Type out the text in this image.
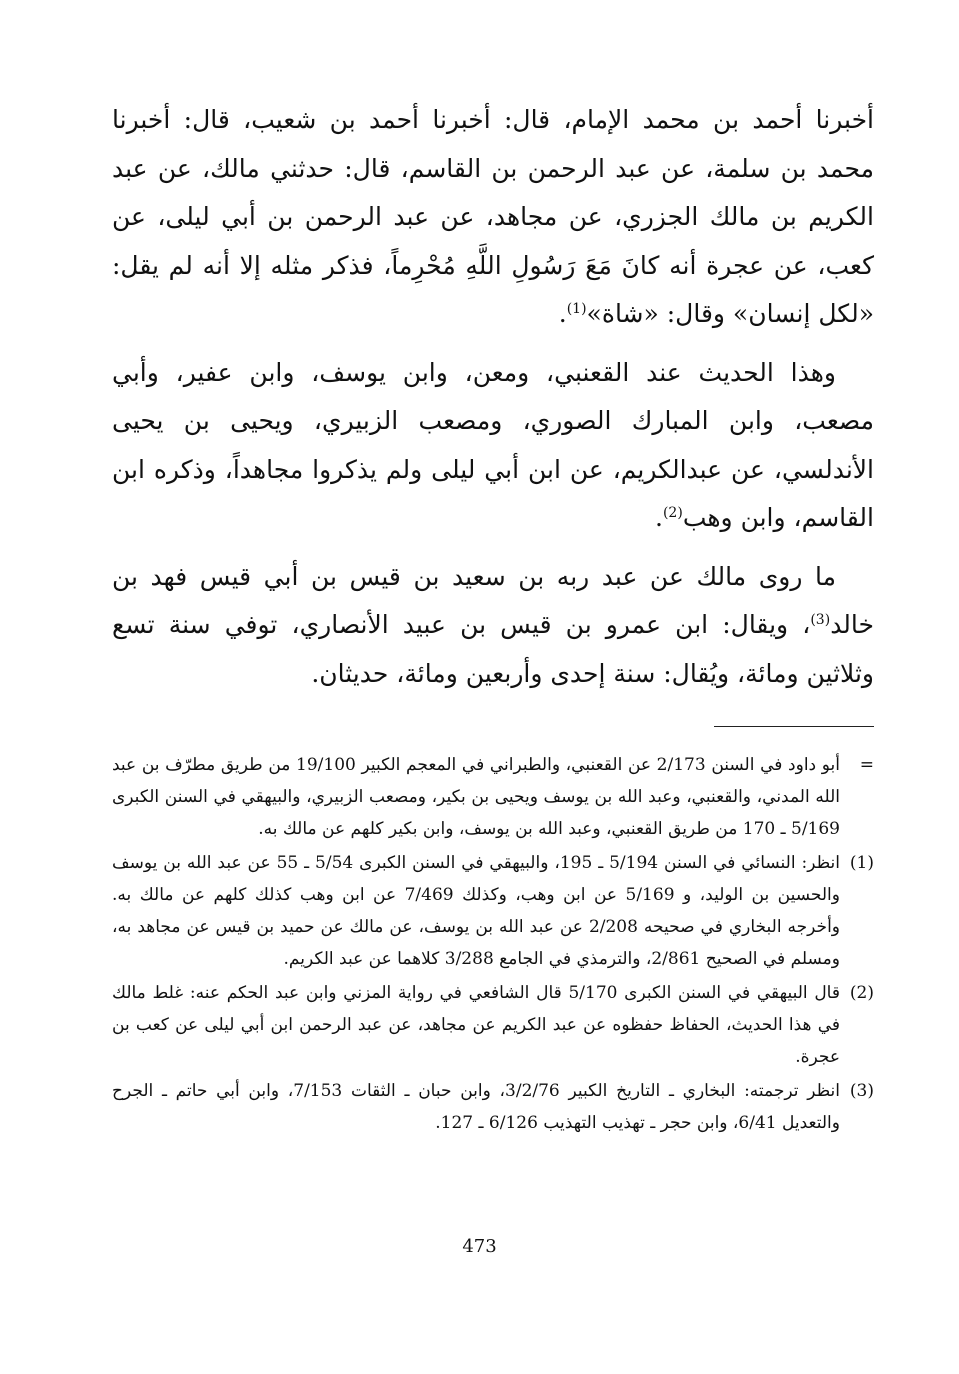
أخبرنا أحمد بن محمد الإمام، قال: أخبرنا أحمد بن شعيب، قال: أخبرنا محمد بن سلمة، عن عبد الرحمن بن القاسم، قال: حدثني مالك، عن عبد الكريم بن مالك الجزري، عن مجاهد، عن عبد الرحمن بن أبي ليلى، عن كعب، عن عجرة أنه كانَ مَعَ رَسُولِ اللَّهِ مُحْرِماً، فذكر مثله إلا أنه لم يقل: «لكل إنسان» وقال: «شاة»$^{(1)}$.

وهذا الحديث عند القعنبي، ومعن، وابن يوسف، وابن عفير، وأبي مصعب، وابن المبارك الصوري، ومصعب الزبيري، ويحيى بن يحيى الأندلسي، عن عبدالكريم، عن ابن أبي ليلى ولم يذكروا مجاهداً، وذكره ابن القاسم، وابن وهب$^{(2)}$.

ما روى مالك عن عبد ربه بن سعيد بن قيس بن أبي قيس فهد بن خالد$^{(3)}$، ويقال: ابن عمرو بن قيس بن عبيد الأنصاري، توفي سنة تسع وثلاثين ومائة، ويُقال: سنة إحدى وأربعين ومائة، حديثان.

=
أبو داود في السنن 2/173 عن القعنبي، والطبراني في المعجم الكبير 19/100 من طريق مطرّف بن عبد الله المدني، والقعنبي، وعبد الله بن يوسف ويحيى بن بكير، ومصعب الزبيري، والبيهقي في السنن الكبرى 5/169 ـ 170 من طريق القعنبي، وعبد الله بن يوسف، وابن بكير كلهم عن مالك به.
(1)
انظر: النسائي في السنن 5/194 ـ 195، والبيهقي في السنن الكبرى 5/54 ـ 55 عن عبد الله بن يوسف والحسين بن الوليد، و 5/169 عن ابن وهب، وكذلك 7/469 عن ابن وهب كذلك كلهم عن مالك به. وأخرجه البخاري في صحيحه 2/208 عن عبد الله بن يوسف، عن مالك عن حميد بن قيس عن مجاهد به، ومسلم في الصحيح 2/861، والترمذي في الجامع 3/288 كلاهما عن عبد الكريم.
(2)
قال البيهقي في السنن الكبرى 5/170 قال الشافعي في رواية المزني وابن عبد الحكم عنه: غلط مالك في هذا الحديث، الحفاظ حفظوه عن عبد الكريم عن مجاهد، عن عبد الرحمن ابن أبي ليلى عن كعب بن عجرة.
(3)
انظر ترجمته: البخاري ـ التاريخ الكبير 3/2/76، وابن حبان ـ الثقات 7/153، وابن أبي حاتم ـ الجرح والتعديل 6/41، وابن حجر ـ تهذيب التهذيب 6/126 ـ 127.
473
